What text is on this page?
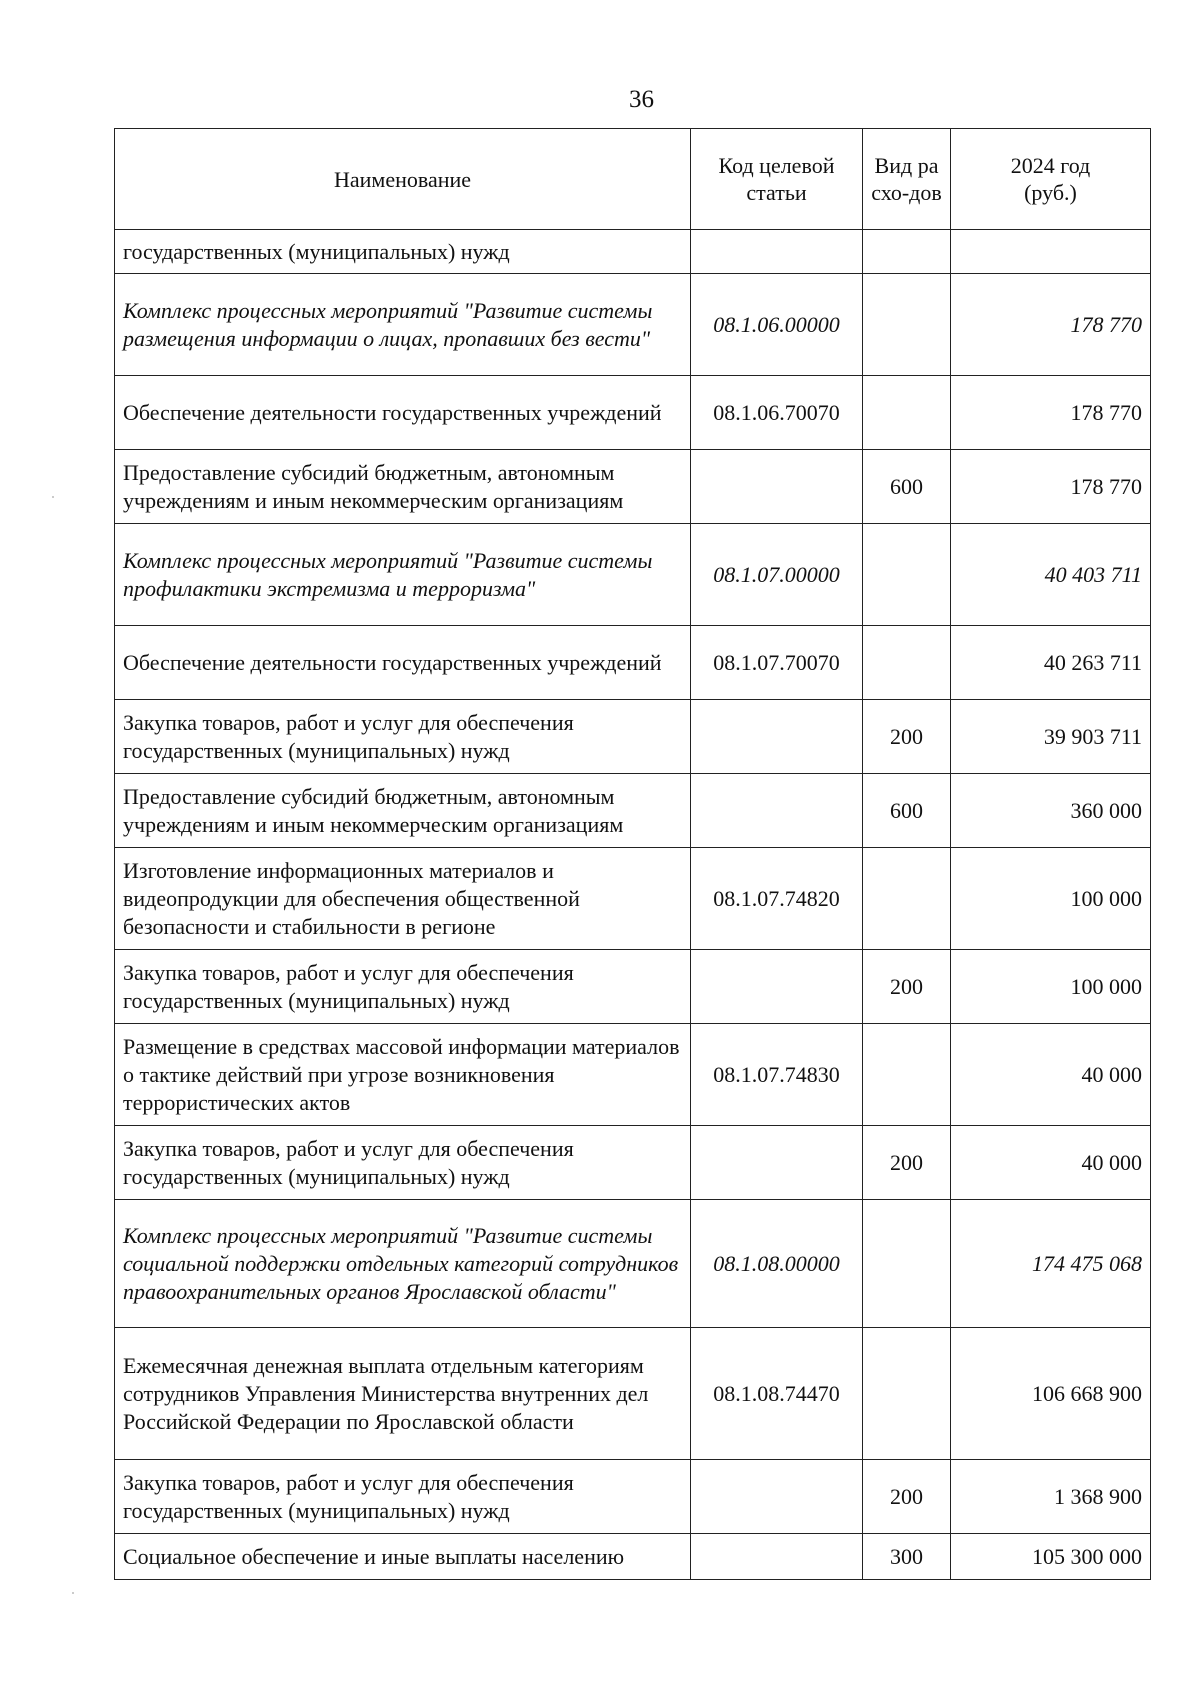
36
Наименование	Код целевой статьи	Вид расхо-дов	2024 год (руб.)
государственных (муниципальных) нужд			
Комплекс процессных мероприятий "Развитие системы размещения информации о лицах, пропавших без вести"	08.1.06.00000		178 770
Обеспечение деятельности государственных учреждений	08.1.06.70070		178 770
Предоставление субсидий бюджетным, автономным учреждениям и иным некоммерческим организациям		600	178 770
Комплекс процессных мероприятий "Развитие системы профилактики экстремизма и терроризма"	08.1.07.00000		40 403 711
Обеспечение деятельности государственных учреждений	08.1.07.70070		40 263 711
Закупка товаров, работ и услуг для обеспечения государственных (муниципальных) нужд		200	39 903 711
Предоставление субсидий бюджетным, автономным учреждениям и иным некоммерческим организациям		600	360 000
Изготовление информационных материалов и видеопродукции для обеспечения общественной безопасности и стабильности в регионе	08.1.07.74820		100 000
Закупка товаров, работ и услуг для обеспечения государственных (муниципальных) нужд		200	100 000
Размещение в средствах массовой информации материалов о тактике действий при угрозе возникновения террористических актов	08.1.07.74830		40 000
Закупка товаров, работ и услуг для обеспечения государственных (муниципальных) нужд		200	40 000
Комплекс процессных мероприятий "Развитие системы социальной поддержки отдельных категорий сотрудников правоохранительных органов Ярославской области"	08.1.08.00000		174 475 068
Ежемесячная денежная выплата отдельным категориям сотрудников Управления Министерства внутренних дел Российской Федерации по Ярославской области	08.1.08.74470		106 668 900
Закупка товаров, работ и услуг для обеспечения государственных (муниципальных) нужд		200	1 368 900
Социальное обеспечение и иные выплаты населению		300	105 300 000
